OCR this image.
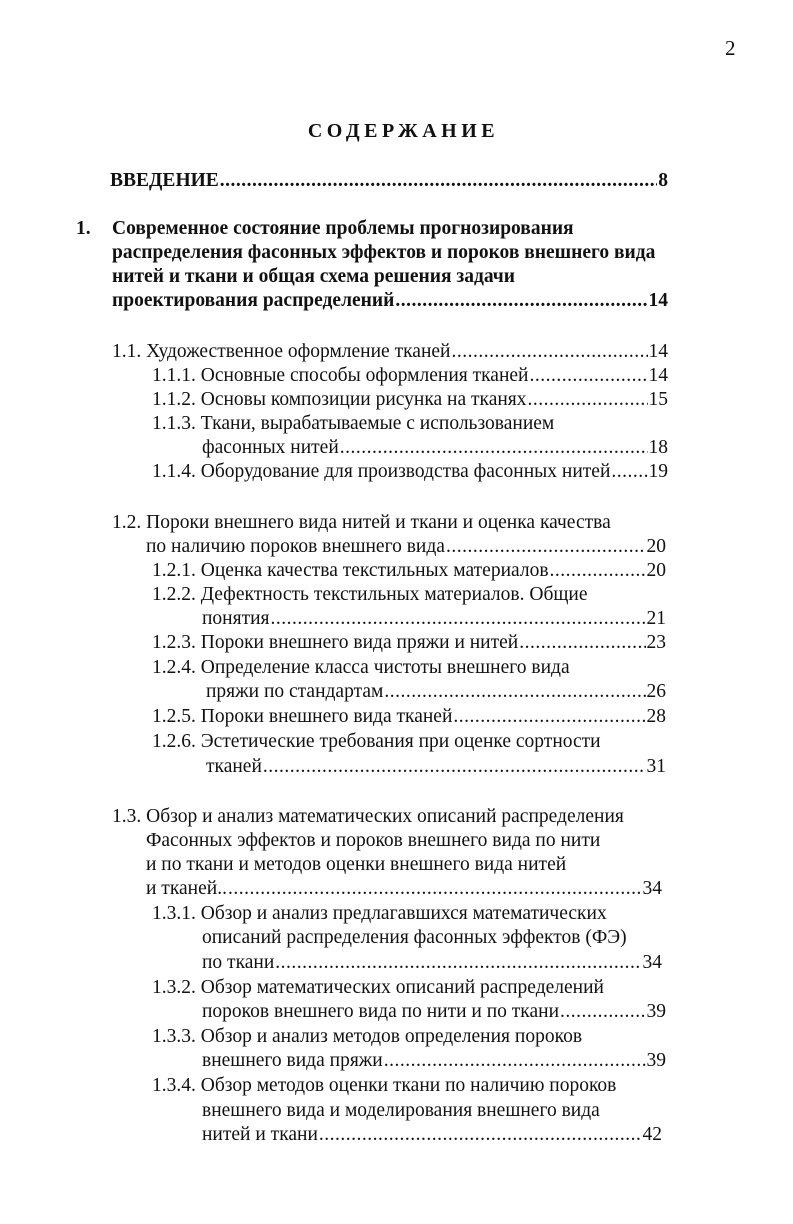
2
СОДЕРЖАНИЕ
ВВЕДЕНИЕ .....	8
1. Современное состояние проблемы прогнозирования
распределения фасонных эффектов и пороков внешнего вида
нитей и ткани и общая схема решения задачи
проектирования распределений .....	14
1.1. Художественное оформление тканей .....	14
1.1.1. Основные способы оформления тканей .....	14
1.1.2. Основы композиции рисунка на тканях .....	15
1.1.3. Ткани, вырабатываемые с использованием
фасонных нитей .....	18
1.1.4. Оборудование для производства фасонных нитей ..... 19
1.2. Пороки внешнего вида нитей и ткани и оценка качества
по наличию пороков внешнего вида .....	20
1.2.1. Оценка качества текстильных материалов .....	20
1.2.2. Дефектность текстильных материалов. Общие
понятия .....	21
1.2.3. Пороки внешнего вида пряжи и нитей .....	23
1.2.4. Определение класса чистоты внешнего вида
пряжи по стандартам .....	26
1.2.5. Пороки внешнего вида тканей .....	28
1.2.6. Эстетические требования при оценке сортности
тканей .....	31
1.3. Обзор и анализ математических описаний распределения
Фасонных эффектов и пороков внешнего вида по нити
и по ткани и методов оценки внешнего вида нитей
и тканей.. .....	34
1.3.1. Обзор и анализ предлагавшихся математических
описаний распределения фасонных эффектов (ФЭ)
по ткани .....	34
1.3.2. Обзор математических описаний распределений
пороков внешнего вида по нити и по ткани .....	39
1.3.3. Обзор и анализ методов определения пороков
внешнего вида пряжи .....	39
1.3.4. Обзор методов оценки ткани по наличию пороков
внешнего вида и моделирования внешнего вида
нитей и ткани .....	42
